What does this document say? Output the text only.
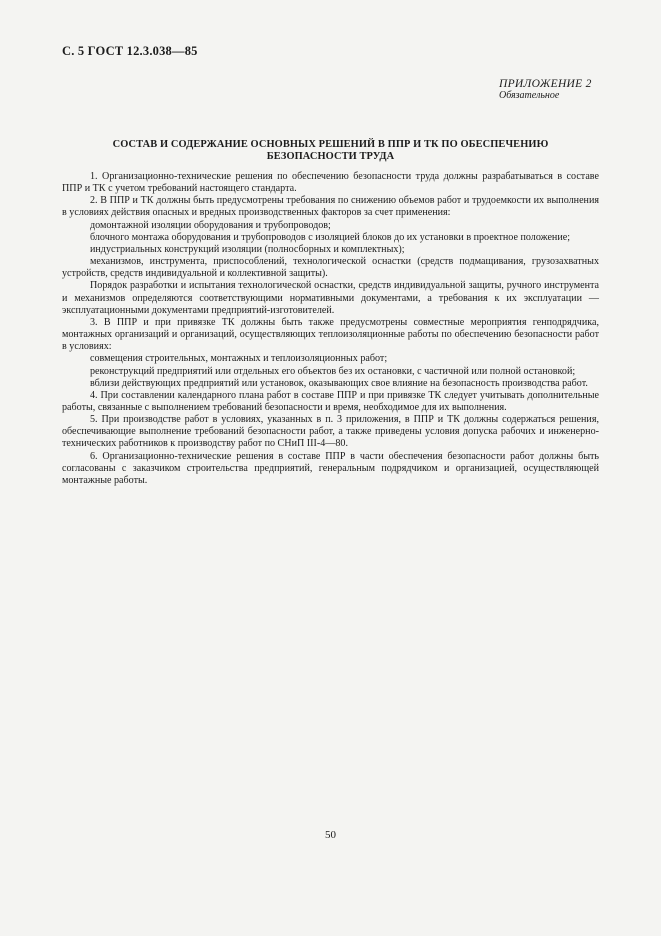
С. 5 ГОСТ 12.3.038—85
ПРИЛОЖЕНИЕ 2
Обязательное
СОСТАВ И СОДЕРЖАНИЕ ОСНОВНЫХ РЕШЕНИЙ В ППР И ТК ПО ОБЕСПЕЧЕНИЮ
БЕЗОПАСНОСТИ ТРУДА

1. Организационно-технические решения по обеспечению безопасности труда должны разрабатываться в составе ППР и ТК с учетом требований настоящего стандарта.

2. В ППР и ТК должны быть предусмотрены требования по снижению объемов работ и трудоемкости их выполнения в условиях действия опасных и вредных производственных факторов за счет применения:

домонтажной изоляции оборудования и трубопроводов;

блочного монтажа оборудования и трубопроводов с изоляцией блоков до их установки в проектное положение;

индустриальных конструкций изоляции (полносборных и комплектных);

механизмов, инструмента, приспособлений, технологической оснастки (средств подмащивания, грузозахватных устройств, средств индивидуальной и коллективной защиты).

Порядок разработки и испытания технологической оснастки, средств индивидуальной защиты, ручного инструмента и механизмов определяются соответствующими нормативными документами, а требования к их эксплуатации — эксплуатационными документами предприятий-изготовителей.

3. В ППР и при привязке ТК должны быть также предусмотрены совместные мероприятия генподрядчика, монтажных организаций и организаций, осуществляющих теплоизоляционные работы по обеспечению безопасности работ в условиях:

совмещения строительных, монтажных и теплоизоляционных работ;

реконструкций предприятий или отдельных его объектов без их остановки, с частичной или полной остановкой;

вблизи действующих предприятий или установок, оказывающих свое влияние на безопасность производства работ.

4. При составлении календарного плана работ в составе ППР и при привязке ТК следует учитывать дополнительные работы, связанные с выполнением требований безопасности и время, необходимое для их выполнения.

5. При производстве работ в условиях, указанных в п. 3 приложения, в ППР и ТК должны содержаться решения, обеспечивающие выполнение требований безопасности работ, а также приведены условия допуска рабочих и инженерно-технических работников к производству работ по СНиП III-4—80.

6. Организационно-технические решения в составе ППР в части обеспечения безопасности работ должны быть согласованы с заказчиком строительства предприятий, генеральным подрядчиком и организацией, осуществляющей монтажные работы.

50
